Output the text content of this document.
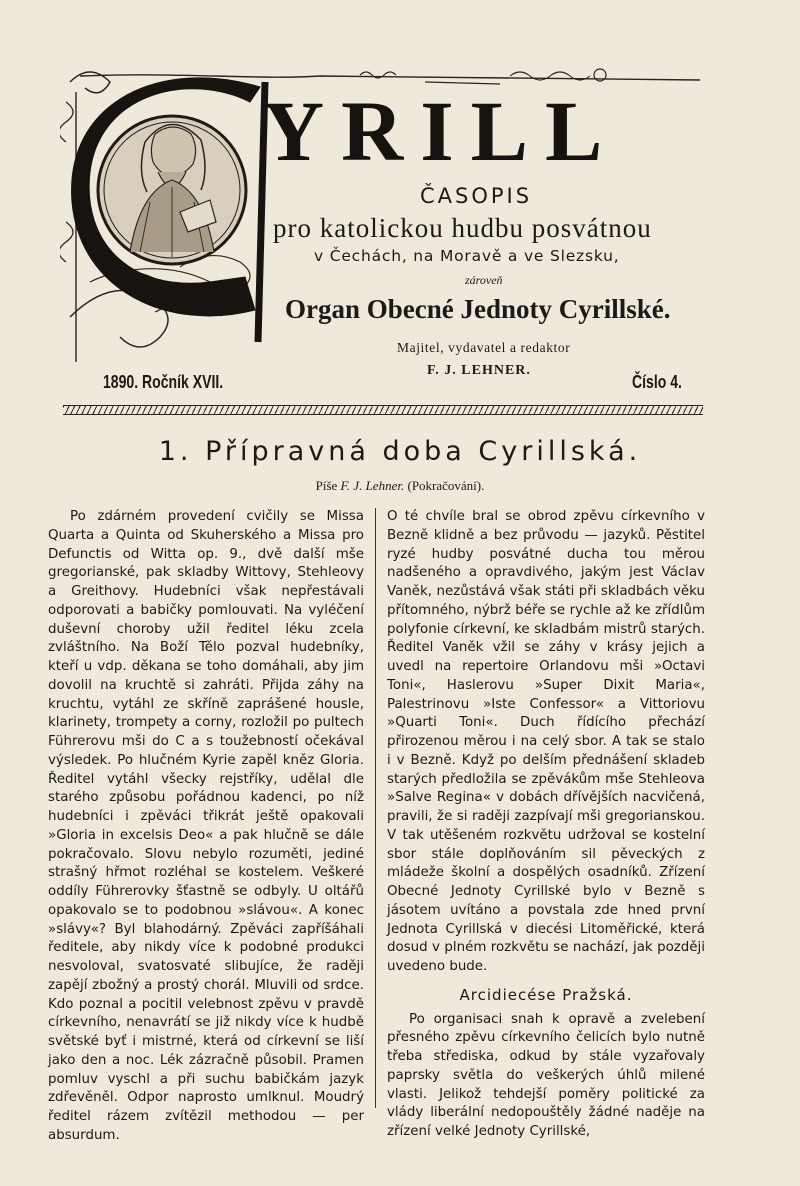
YRILL
ČASOPIS
pro katolickou hudbu posvátnou
v Čechách, na Moravě a ve Slezsku,
zároveň
Organ Obecné Jednoty Cyrillské.
Majitel, vydavatel a redaktor
F. J. LEHNER.
1890. Ročník XVII.	Číslo 4.
1. Přípravná doba Cyrillská.
Píše F. J. Lehner. (Pokračování).

Po zdárném provedení cvičily se Missa Quarta a Quinta od Skuherského a Missa pro Defunctis od Witta op. 9., dvě další mše gregorianské, pak skladby Wittovy, Stehleovy a Greithovy. Hudebníci však nepřestávali odporovati a babičky pomlouvati. Na vyléčení duševní choroby užil ředitel léku zcela zvláštního. Na Boží Tělo pozval hudebníky, kteří u vdp. děkana se toho domáhali, aby jim dovolil na kruchtě si zahráti. Přijda záhy na kruchtu, vytáhl ze skříně zaprášené housle, klarinety, trompety a corny, rozložil po pultech Führerovu mši do C a s toužebností očekával výsledek. Po hlučném Kyrie zapěl kněz Gloria. Ředitel vytáhl všecky rejstříky, udělal dle starého způsobu pořádnou kadenci, po níž hudebníci i zpěváci třikrát ještě opakovali »Gloria in excelsis Deo« a pak hlučně se dále pokračovalo. Slovu nebylo rozuměti, jediné strašný hřmot rozléhal se kostelem. Veškeré oddíly Führerovky šťastně se odbyly. U oltářů opakovalo se to podobnou »slávou«. A konec »slávy«? Byl blahodárný. Zpěváci zapříšáhali ředitele, aby nikdy více k podobné produkci nesvoloval, svatosvaté slibujíce, že raději zapějí zbožný a prostý chorál. Mluvili od srdce. Kdo poznal a pocitil velebnost zpěvu v pravdě církevního, nenavrátí se již nikdy více k hudbě světské byť i mistrné, která od církevní se liší jako den a noc. Lék zázračně působil. Pramen pomluv vyschl a při suchu babičkám jazyk zdřevěněl. Odpor naprosto umlknul. Moudrý ředitel rázem zvítězil methodou — per absurdum.

O té chvíle bral se obrod zpěvu církevního v Bezně klidně a bez průvodu — jazyků. Pěstitel ryzé hudby posvátné ducha tou měrou nadšeného a opravdivého, jakým jest Václav Vaněk, nezůstává však státi při skladbách věku přítomného, nýbrž béře se rychle až ke zřídlům polyfonie církevní, ke skladbám mistrů starých. Ředitel Vaněk vžil se záhy v krásy jejich a uvedl na repertoire Orlandovu mši »Octavi Toni«, Haslerovu »Super Dixit Maria«, Palestrinovu »Iste Confessor« a Vittoriovu »Quarti Toni«. Duch řídícího přechází přirozenou měrou i na celý sbor. A tak se stalo i v Bezně. Když po delším přednášení skladeb starých předložila se zpěvákům mše Stehleova »Salve Regina« v dobách dřívějších nacvičená, pravili, že si raději zazpívají mši gregorianskou. V tak utěšeném rozkvětu udržoval se kostelní sbor stále doplňováním sil pěveckých z mládeže školní a dospělých osadníků. Zřízení Obecné Jednoty Cyrillské bylo v Bezně s jásotem uvítáno a povstala zde hned první Jednota Cyrillská v diecési Litoměřické, která dosud v plném rozkvětu se nachází, jak později uvedeno bude.

Arcidiecése Pražská.

Po organisaci snah k opravě a zvelebení přesného zpěvu církevního čelicích bylo nutně třeba střediska, odkud by stále vyzařovaly paprsky světla do veškerých úhlů milené vlasti. Jelikož tehdejší poměry politické za vlády liberální nedopouštěly žádné naděje na zřízení velké Jednoty Cyrillské,
